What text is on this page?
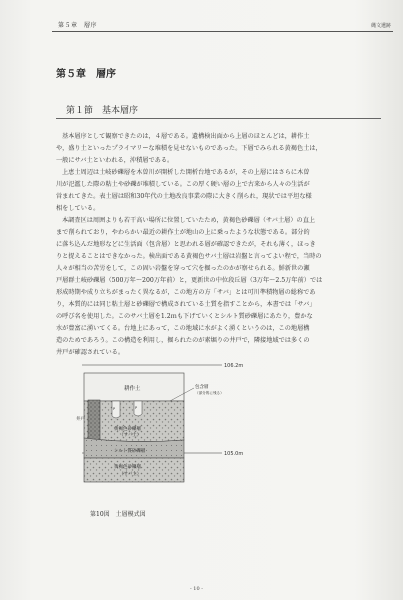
第５章　層序	縄文遺跡
第５章　層序
第１節　基本層序

基本層序として観察できたのは，４層である。遺構検出面から上層のほとんどは，耕作土

や，盛り土といったプライマリーな堆積を見せないものであった。下層でみられる黄褐色土は，

一般にサバ土といわれる，沖積層である。

上恵土周辺は土岐砂礫層を木曽川が開析した開析台地であるが，その上層にはさらに木曽

川が氾濫した際の粘土や砂礫が堆積している。この厚く硬い層の上で古来から人々の生活が

営まれてきた。表土層は昭和30年代の土地改良事業の際に大きく削られ，現状では平坦な様

相をしている。

本調査区は周囲よりも若干高い場所に位置していたため，黄褐色砂礫層（サバ土層）の直上

まで削られており，やわらかい最近の耕作土が地山の上に乗ったような状態である。部分的

に落ち込んだ地形などに生活面（包含層）と思われる層が確認できたが，それも薄く，ほっき

りと捉えることはできなかった。検出面である黄褐色サバ土層は岩盤と言ってよい程で，当時の

人々が相当の苦労をして，この固い岩盤を穿って穴を掘ったのかが察せられる。鮮新世の瀬

戸層群土岐砂礫層（500万年～200万年前）と，更新世の中位段丘層（3万年～2.5万年前）では

形成時期や成り立ちがまったく異なるが，この地方の方「サバ」とは可川準積物層の総称であ

り，本質的には同じ粘土層と砂礫層で構成されている土質を指すことから，本書では「サバ」

の呼び名を使用した。このサバ土層を1.2ｍも下げていくとシルト質砂礫層にあたり，豊かな

水が豊富に湧いてくる。台地上にあって，この地域に水がよく湧くというのは，この地層構

造のためであろう。この構造を利用し，掘られたのが素堀りの井戸で，隣接地域では多くの

井戸が確認されている。

106.2m
105.0m
耕作土
P	P
黄褐色砂礫層
（サバ土）
井戸
シルト質砂礫層
黄褐色砂礫層
（サバ土）
包含層
（部分的に残る）
第10図　土層模式図
- 10 -
